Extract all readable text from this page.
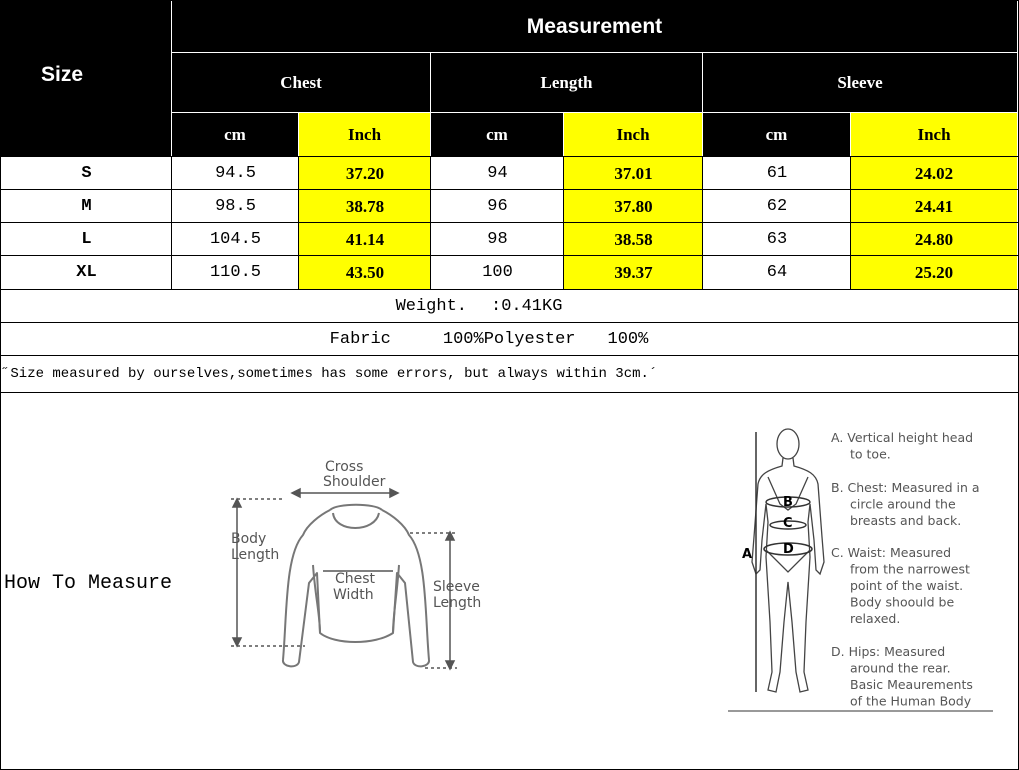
Size
Measurement
Chest	Length	Sleeve
cm	Inch	cm	Inch	cm	Inch
S	94.5	37.20	94	37.01	61	24.02
M	98.5	38.78	96	37.80	62	24.41
L	104.5	41.14	98	38.58	63	24.80
XL	110.5	43.50	100	39.37	64	25.20
Weight. :0.41KG
Fabric	100%Polyester 100%
˝Size measured by ourselves,sometimes has some errors, but always within 3cm.´
How To Measure
Cross
Shoulder
Body
Length
Chest
Width	Sleeve
Length
A
B
C
D
A. Vertical height head
to toe.
B. Chest: Measured in a
circle around the
breasts and back.
C. Waist: Measured
from the narrowest
point of the waist.
Body shoould be
relaxed.
D. Hips: Measured
around the rear.
Basic Meaurements
of the Human Body
